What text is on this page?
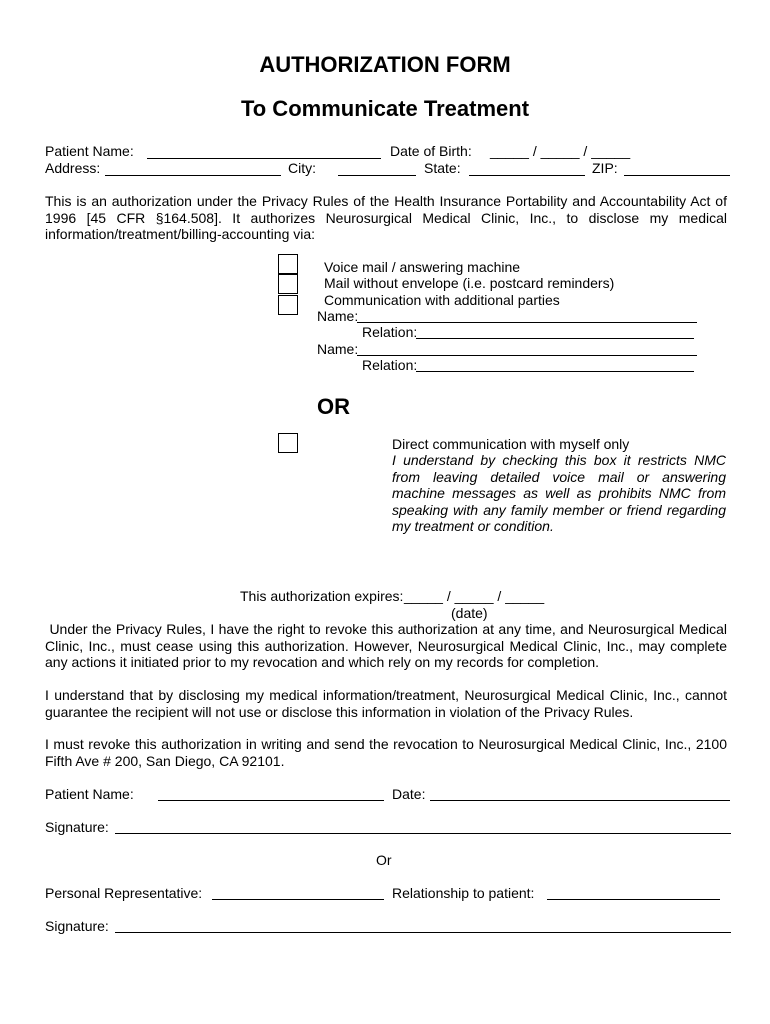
AUTHORIZATION FORM
To Communicate Treatment
Patient Name:	Date of Birth: _____ / _____ / _____
Address:	City:	State:	ZIP:
This is an authorization under the Privacy Rules of the Health Insurance Portability and Accountability Act of 1996 [45 CFR §164.508]. It authorizes Neurosurgical Medical Clinic, Inc., to disclose my medical information/treatment/billing-accounting via:
Voice mail / answering machine
Mail without envelope (i.e. postcard reminders)
Communication with additional parties
Name:
Relation:
Name:
Relation:
OR
Direct communication with myself only
I understand by checking this box it restricts NMC from leaving detailed voice mail or answering machine messages as well as prohibits NMC from speaking with any family member or friend regarding my treatment or condition.
This authorization expires: _____ / _____ / _____
(date)
Under the Privacy Rules, I have the right to revoke this authorization at any time, and Neurosurgical Medical Clinic, Inc., must cease using this authorization. However, Neurosurgical Medical Clinic, Inc., may complete any actions it initiated prior to my revocation and which rely on my records for completion.
I understand that by disclosing my medical information/treatment, Neurosurgical Medical Clinic, Inc., cannot guarantee the recipient will not use or disclose this information in violation of the Privacy Rules.
I must revoke this authorization in writing and send the revocation to Neurosurgical Medical Clinic, Inc., 2100 Fifth Ave # 200, San Diego, CA 92101.
Patient Name:	Date:
Signature:
Or
Personal Representative:	Relationship to patient:
Signature:
